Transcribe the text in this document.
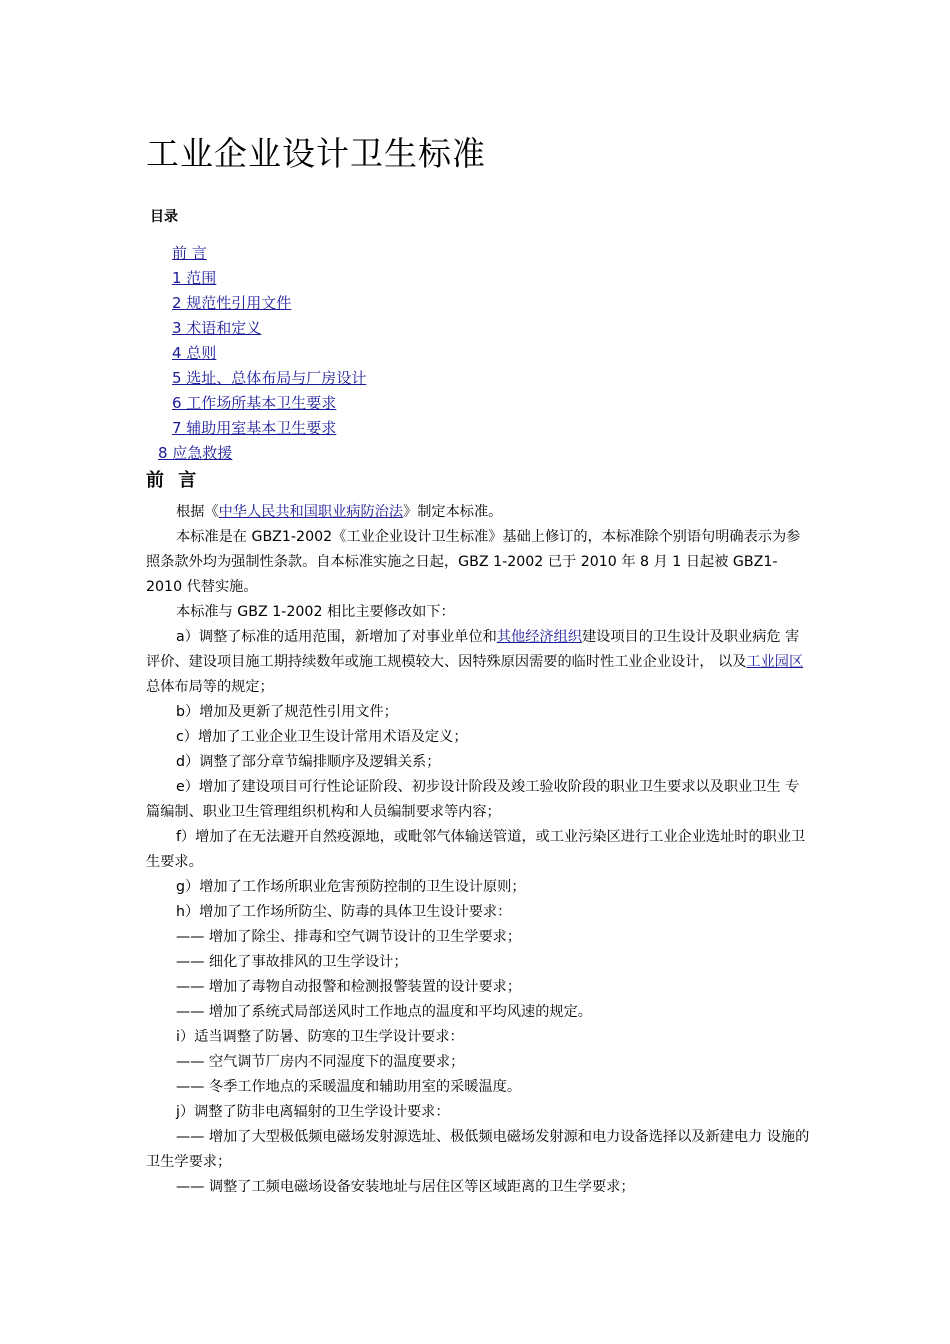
工业企业设计卫生标准
目录
前 言
1 范围
2 规范性引用文件
3 术语和定义
4 总则
5 选址、总体布局与厂房设计
6 工作场所基本卫生要求
7 辅助用室基本卫生要求
8 应急救援
前 言

根据《中华人民共和国职业病防治法》制定本标准。

本标准是在 GBZ1-2002《工业企业设计卫生标准》基础上修订的，本标准除个别语句明确表示为参照条款外均为强制性条款。自本标准实施之日起，GBZ 1-2002 已于 2010 年 8 月 1 日起被 GBZ1-2010 代替实施。

本标准与 GBZ 1-2002 相比主要修改如下：

a）调整了标准的适用范围，新增加了对事业单位和其他经济组织建设项目的卫生设计及职业病危 害评价、建设项目施工期持续数年或施工规模较大、因特殊原因需要的临时性工业企业设计， 以及工业园区总体布局等的规定；

b）增加及更新了规范性引用文件；

c）增加了工业企业卫生设计常用术语及定义；

d）调整了部分章节编排顺序及逻辑关系；

e）增加了建设项目可行性论证阶段、初步设计阶段及竣工验收阶段的职业卫生要求以及职业卫生 专篇编制、职业卫生管理组织机构和人员编制要求等内容；

f）增加了在无法避开自然疫源地，或毗邻气体输送管道，或工业污染区进行工业企业选址时的职业卫生要求。

g）增加了工作场所职业危害预防控制的卫生设计原则；

h）增加了工作场所防尘、防毒的具体卫生设计要求：

—— 增加了除尘、排毒和空气调节设计的卫生学要求；

—— 细化了事故排风的卫生学设计；

—— 增加了毒物自动报警和检测报警装置的设计要求；

—— 增加了系统式局部送风时工作地点的温度和平均风速的规定。

i）适当调整了防暑、防寒的卫生学设计要求：

—— 空气调节厂房内不同湿度下的温度要求；

—— 冬季工作地点的采暖温度和辅助用室的采暖温度。

j）调整了防非电离辐射的卫生学设计要求：

—— 增加了大型极低频电磁场发射源选址、极低频电磁场发射源和电力设备选择以及新建电力 设施的卫生学要求；

—— 调整了工频电磁场设备安装地址与居住区等区域距离的卫生学要求；
